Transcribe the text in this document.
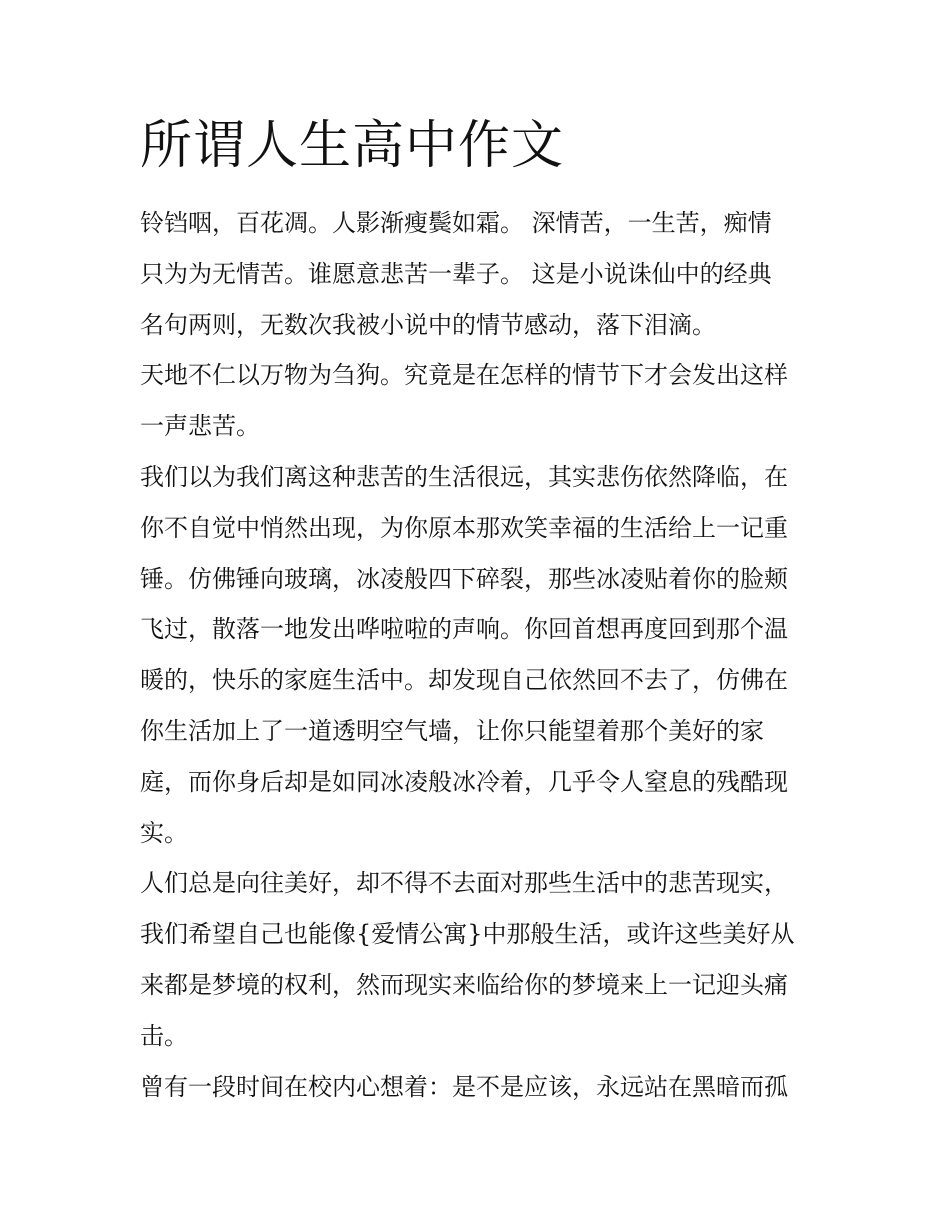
所谓人生高中作文

铃铛咽，百花凋。人影渐瘦鬓如霜。 深情苦，一生苦，痴情
只为为无情苦。谁愿意悲苦一辈子。 这是小说诛仙中的经典
名句两则，无数次我被小说中的情节感动，落下泪滴。

天地不仁以万物为刍狗。究竟是在怎样的情节下才会发出这样
一声悲苦。

我们以为我们离这种悲苦的生活很远，其实悲伤依然降临，在
你不自觉中悄然出现，为你原本那欢笑幸福的生活给上一记重
锤。仿佛锤向玻璃，冰凌般四下碎裂，那些冰凌贴着你的脸颊
飞过，散落一地发出哗啦啦的声响。你回首想再度回到那个温
暖的，快乐的家庭生活中。却发现自己依然回不去了，仿佛在
你生活加上了一道透明空气墙，让你只能望着那个美好的家
庭，而你身后却是如同冰凌般冰冷着，几乎令人窒息的残酷现
实。

人们总是向往美好，却不得不去面对那些生活中的悲苦现实，
我们希望自己也能像{爱情公寓}中那般生活，或许这些美好从
来都是梦境的权利，然而现实来临给你的梦境来上一记迎头痛
击。

曾有一段时间在校内心想着：是不是应该，永远站在黑暗而孤
